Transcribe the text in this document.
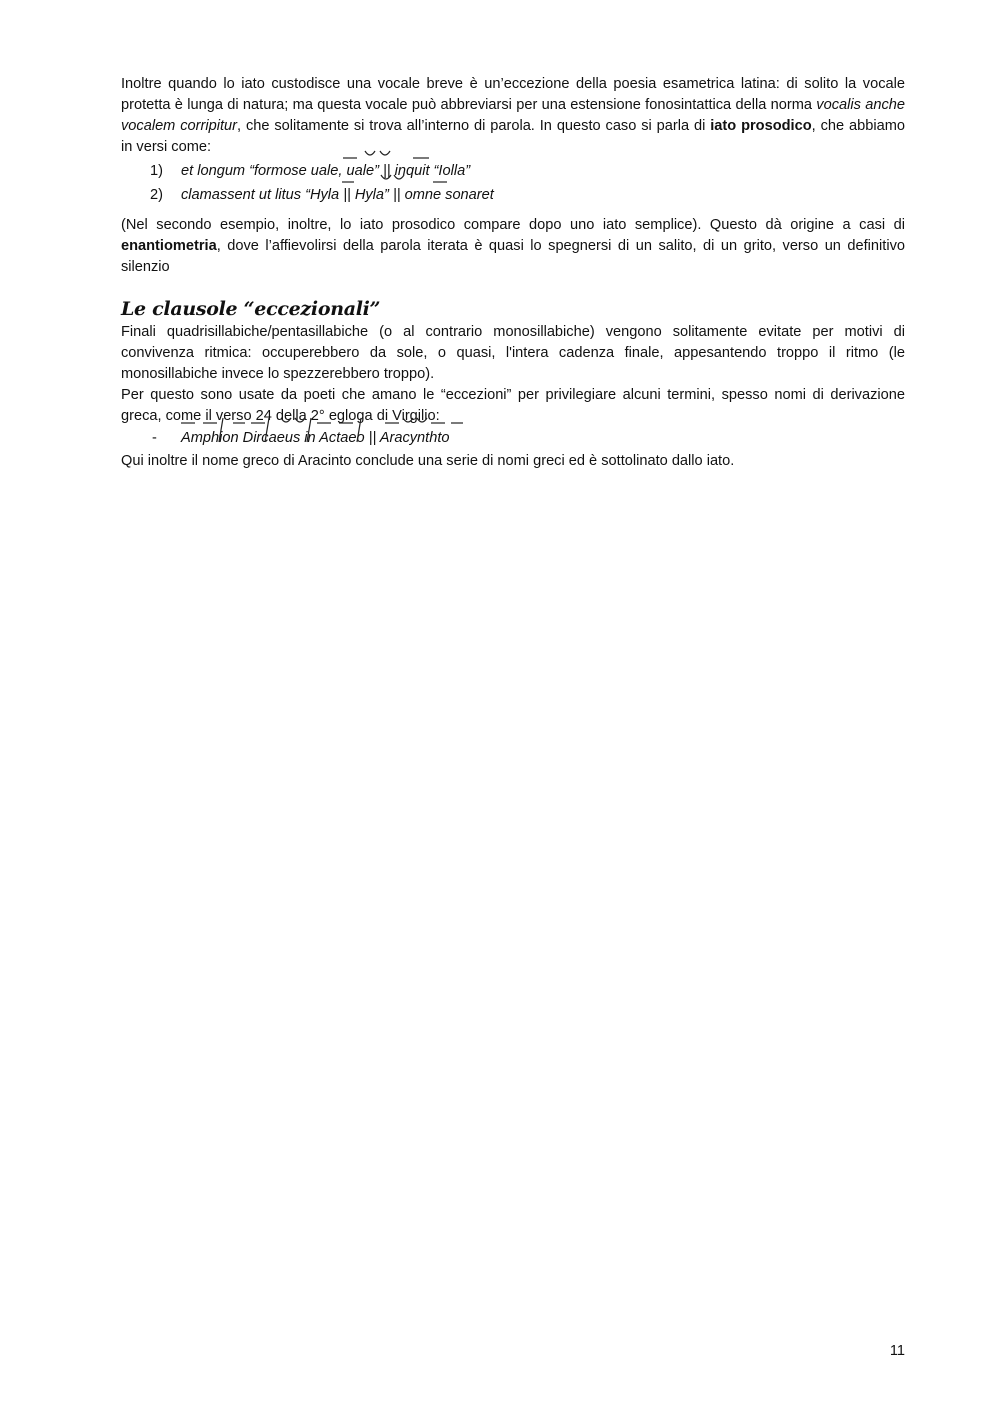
Inoltre quando lo iato custodisce una vocale breve è un’eccezione della poesia esametrica latina: di solito la vocale protetta è lunga di natura; ma questa vocale può abbreviarsi per una estensione fonosintattica della norma vocalis anche vocalem corripitur, che solitamente si trova all’interno di parola. In questo caso si parla di iato prosodico, che abbiamo in versi come:

1)	et longum “formose uale, uale” || inquit “Iolla”
2)	clamassent ut litus “Hyla || Hyla” || omne sonaret

(Nel secondo esempio, inoltre, lo iato prosodico compare dopo uno iato semplice). Questo dà origine a casi di enantiometria, dove l’affievolirsi della parola iterata è quasi lo spegnersi di un salito, di un grito, verso un definitivo silenzio

Le clausole “eccezionali”

Finali quadrisillabiche/pentasillabiche (o al contrario monosillabiche) vengono solitamente evitate per motivi di convivenza ritmica: occuperebbero da sole, o quasi, l'intera cadenza finale, appesantendo troppo il ritmo (le monosillabiche invece lo spezzerebbero troppo).

Per questo sono usate da poeti che amano le “eccezioni” per privilegiare alcuni termini, spesso nomi di derivazione greca, come il verso 24 della 2° egloga di Virgilio:

-	Amphion Dircaeus in Actaeo || Aracynthto

Qui inoltre il nome greco di Aracinto conclude una serie di nomi greci ed è sottolinato dallo iato.

11
